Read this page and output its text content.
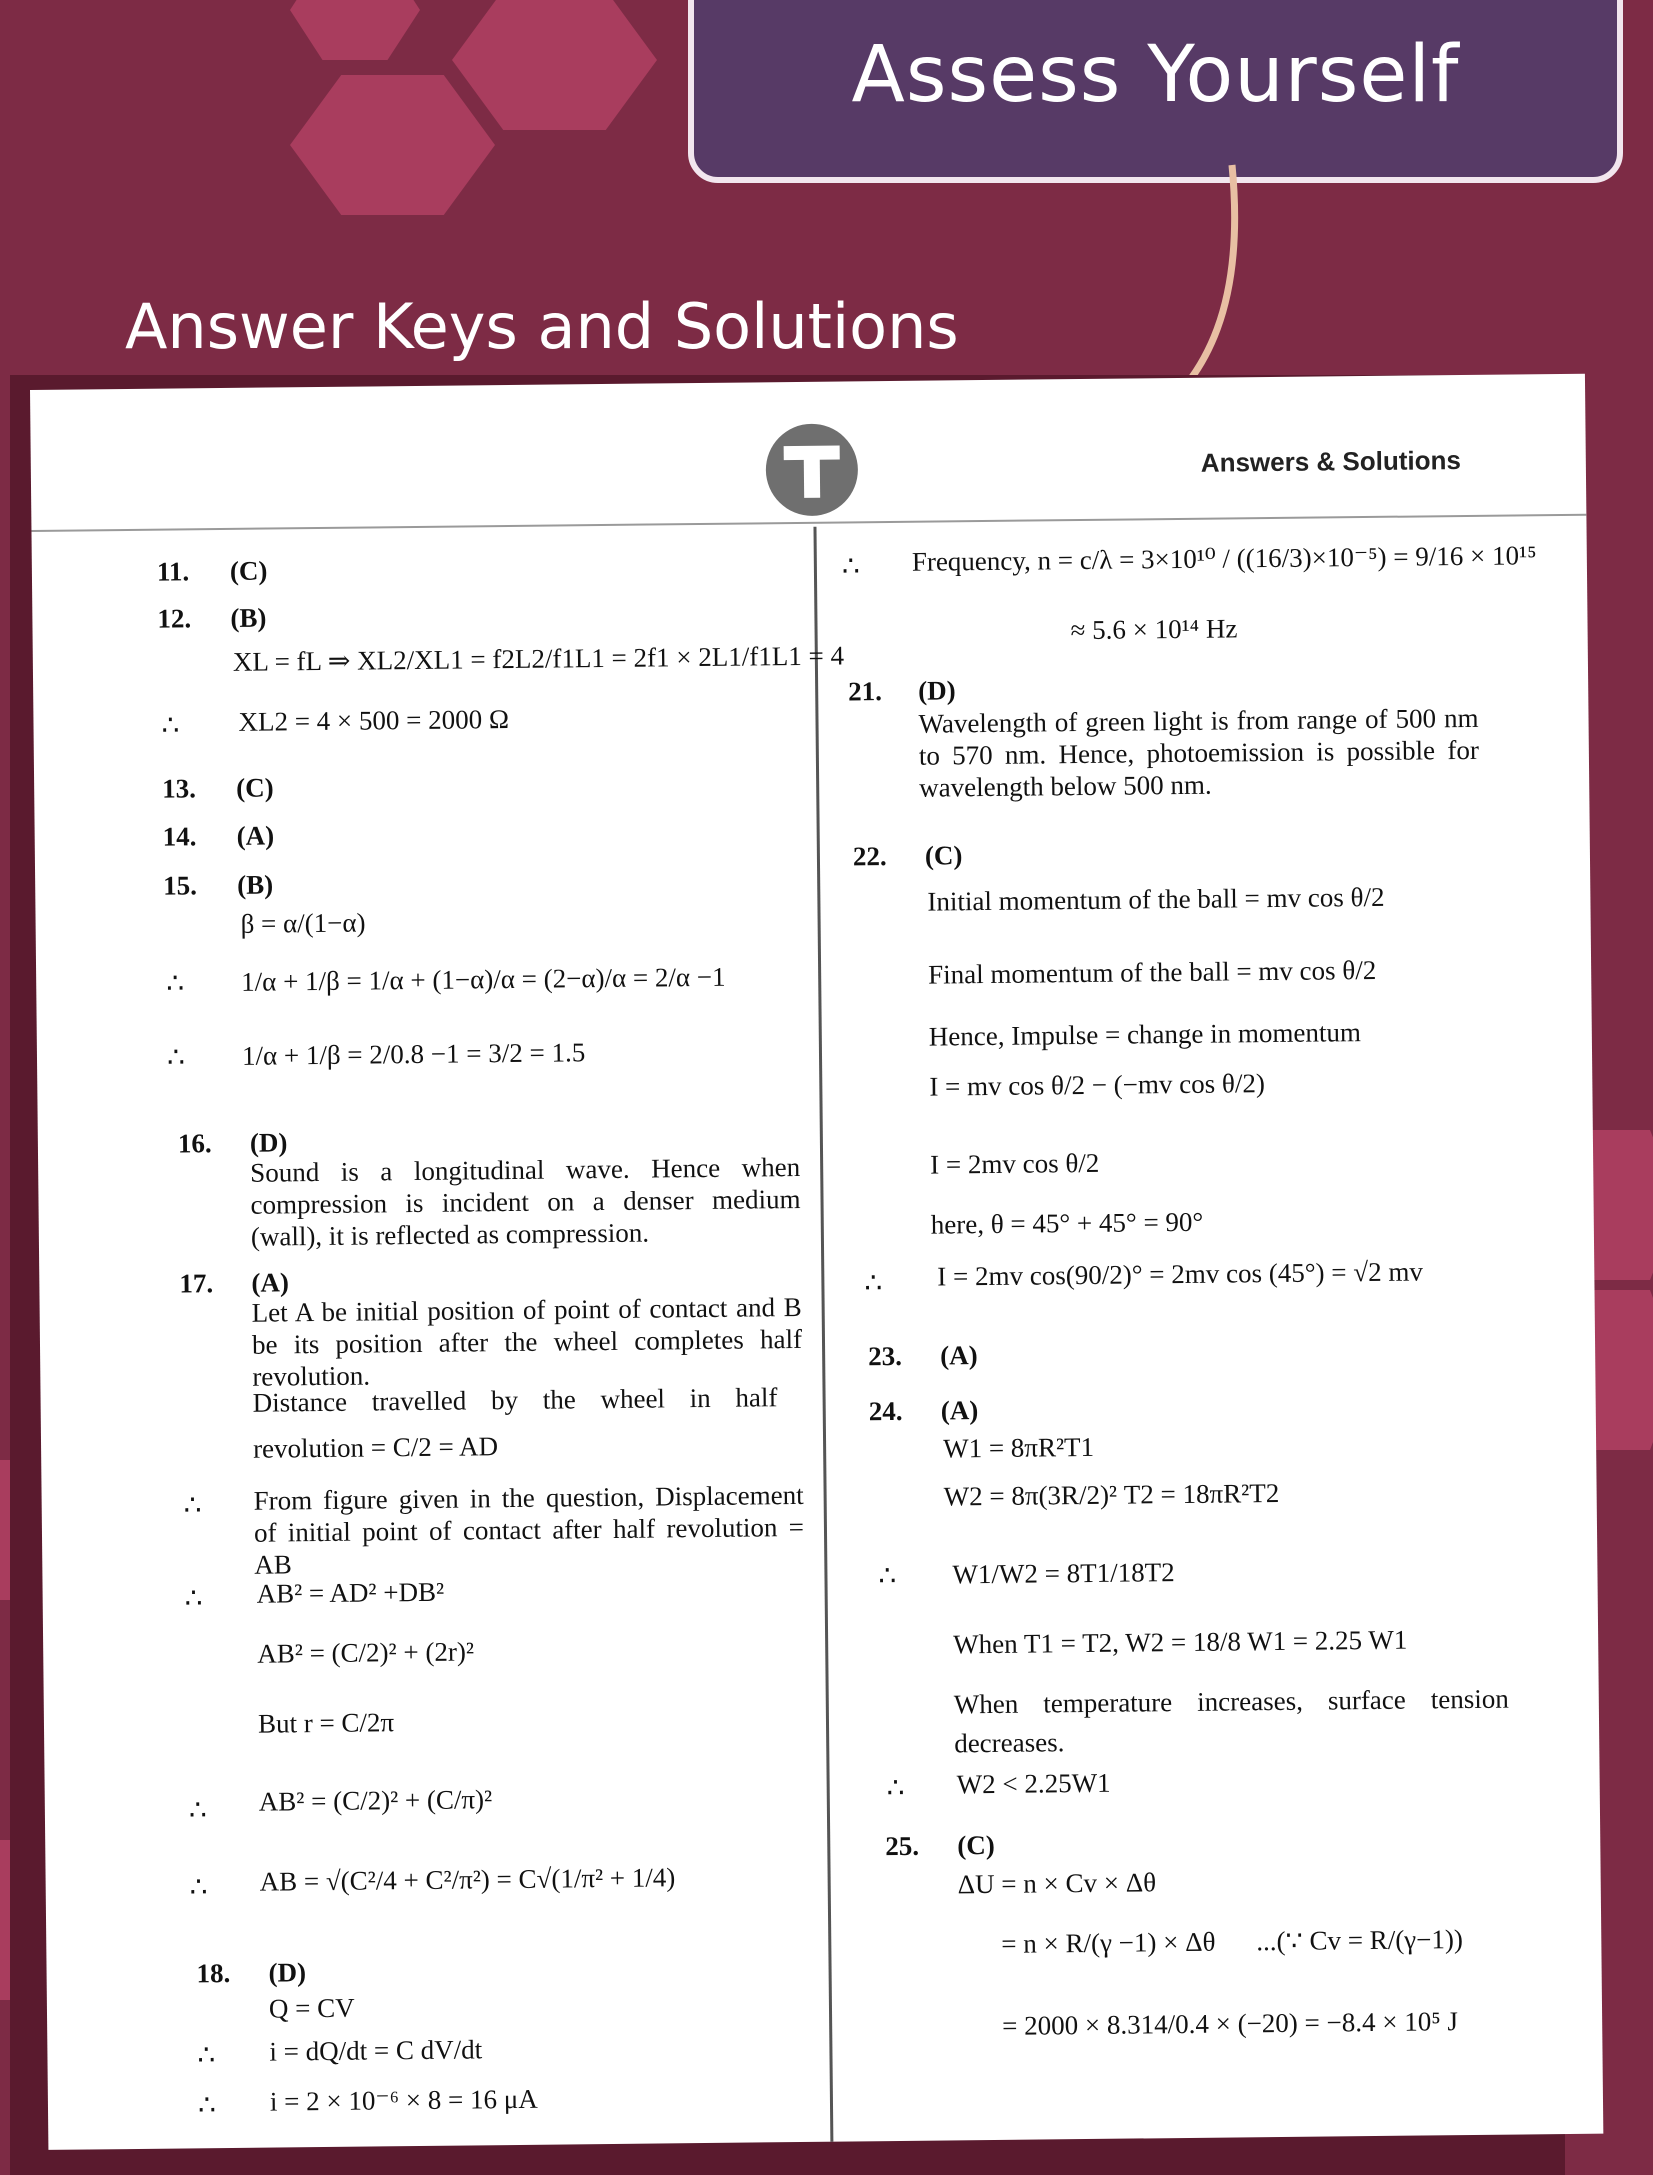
Assess Yourself
Answer Keys and Solutions
Answers & Solutions
11. (C)
12. (B)
XL = fL ⇒ XL2/XL1 = f2L2/f1L1 = 2f1 × 2L1/f1L1 = 4
∴ XL2 = 4 × 500 = 2000 Ω
13. (C)
14. (A)
15. (B)
β = α/(1−α)
∴ 1/α + 1/β = 1/α + (1−α)/α = (2−α)/α = 2/α −1
∴ 1/α + 1/β = 2/0.8 −1 = 3/2 = 1.5
16. (D)
Sound is a longitudinal wave. Hence when compression is incident on a denser medium (wall), it is reflected as compression.
17. (A)
Let A be initial position of point of contact and B be its position after the wheel completes half revolution.
Distance travelled by the wheel in half
revolution = C/2 = AD
∴ From figure given in the question, Displacement of initial point of contact after half revolution = AB
∴ AB² = AD² +DB²
AB² = (C/2)² + (2r)²
But r = C/2π
∴ AB² = (C/2)² + (C/π)²
∴ AB = √(C²/4 + C²/π²) = C√(1/π² + 1/4)
18. (D)
Q = CV
∴ i = dQ/dt = C dV/dt
∴ i = 2 × 10⁻⁶ × 8 = 16 μA
∴ Frequency, n = c/λ = 3×10¹⁰ / ((16/3)×10⁻⁵) = 9/16 × 10¹⁵
≈ 5.6 × 10¹⁴ Hz
21. (D)
Wavelength of green light is from range of 500 nm to 570 nm. Hence, photoemission is possible for wavelength below 500 nm.
22. (C)
Initial momentum of the ball = mv cos θ/2
Final momentum of the ball = mv cos θ/2
Hence, Impulse = change in momentum
I = mv cos θ/2 − (−mv cos θ/2)
I = 2mv cos θ/2
here, θ = 45° + 45° = 90°
∴ I = 2mv cos(90/2)° = 2mv cos (45°) = √2 mv
23. (A)
24. (A)
W1 = 8πR²T1
W2 = 8π(3R/2)² T2 = 18πR²T2
∴ W1/W2 = 8T1/18T2
When T1 = T2, W2 = 18/8 W1 = 2.25 W1
When temperature increases, surface tension decreases.
∴ W2 < 2.25W1
25. (C)
ΔU = n × Cv × Δθ
= n × R/(γ −1) × Δθ ...(∵ Cv = R/(γ−1))
= 2000 × 8.314/0.4 × (−20) = −8.4 × 10⁵ J
